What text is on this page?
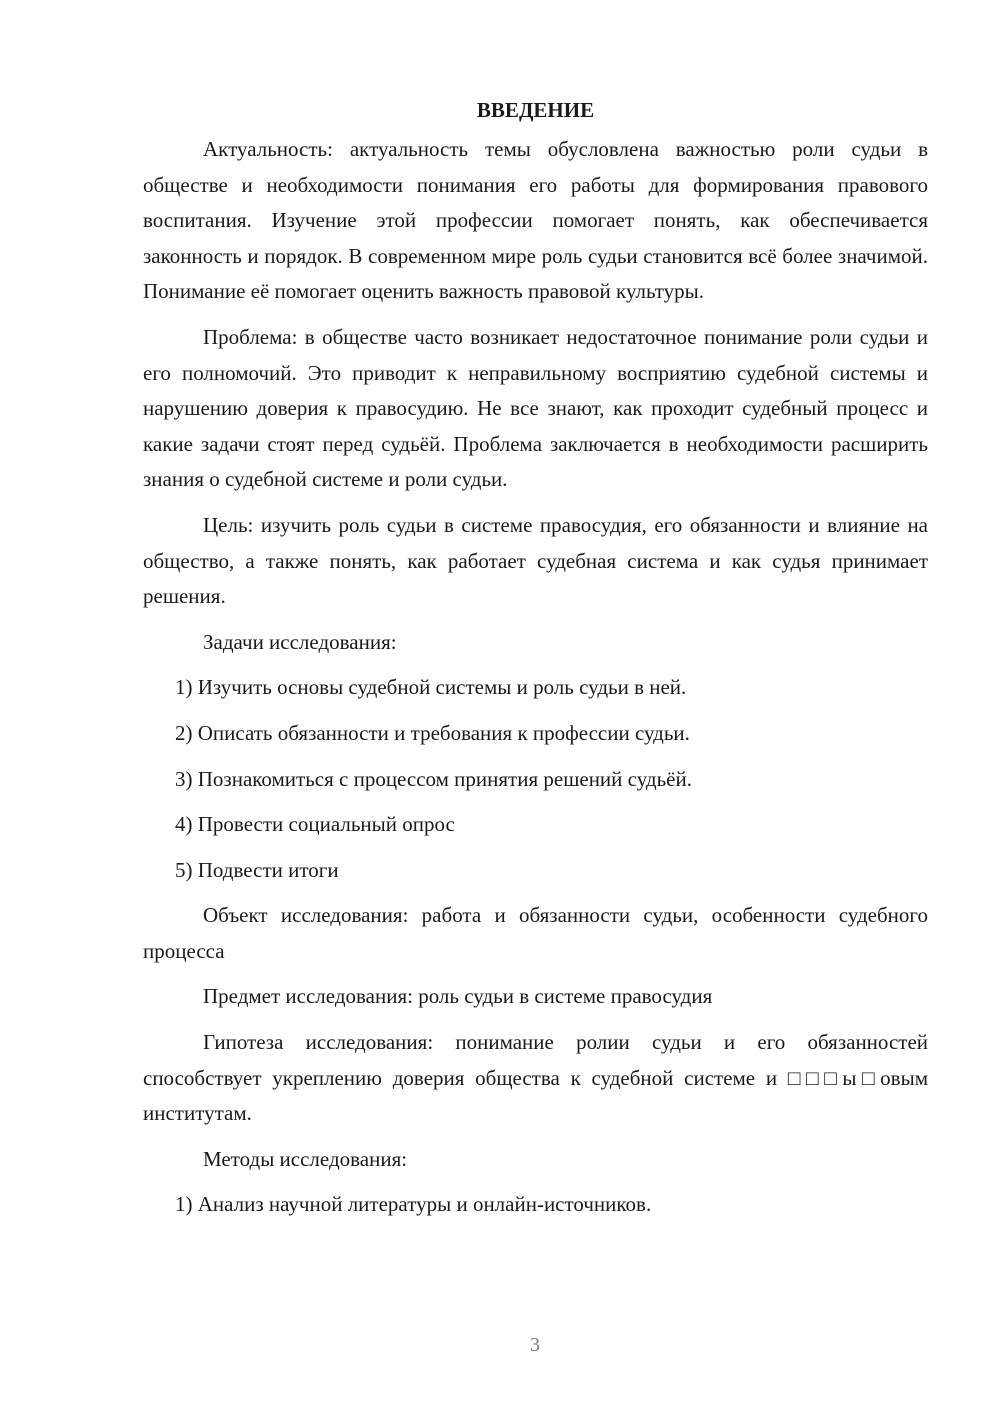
ВВЕДЕНИЕ

Актуальность: актуальность темы обусловлена важностью роли судьи в обществе и необходимости понимания его работы для формирования правового воспитания. Изучение этой профессии помогает понять, как обеспечивается законность и порядок. В современном мире роль судьи становится всё более значимой. Понимание её помогает оценить важность правовой культуры.

Проблема: в обществе часто возникает недостаточное понимание роли судьи и его полномочий. Это приводит к неправильному восприятию судебной системы и нарушению доверия к правосудию. Не все знают, как проходит судебный процесс и какие задачи стоят перед судьёй. Проблема заключается в необходимости расширить знания о судебной системе и роли судьи.

Цель: изучить роль судьи в системе правосудия, его обязанности и влияние на общество, а также понять, как работает судебная система и как судья принимает решения.

Задачи исследования:

1) Изучить основы судебной системы и роль судьи в ней.

2) Описать обязанности и требования к профессии судьи.

3) Познакомиться с процессом принятия решений судьёй.

4) Провести социальный опрос

5) Подвести итоги

Объект исследования: работа и обязанности судьи, особенности судебного процесса

Предмет исследования: роль судьи в системе правосудия

Гипотеза исследования: понимание ролии судьи и его обязанностей способствует укреплению доверия общества к судебной системе и □□□ы□овым институтам.

Методы исследования:

1) Анализ научной литературы и онлайн-источников.

3
